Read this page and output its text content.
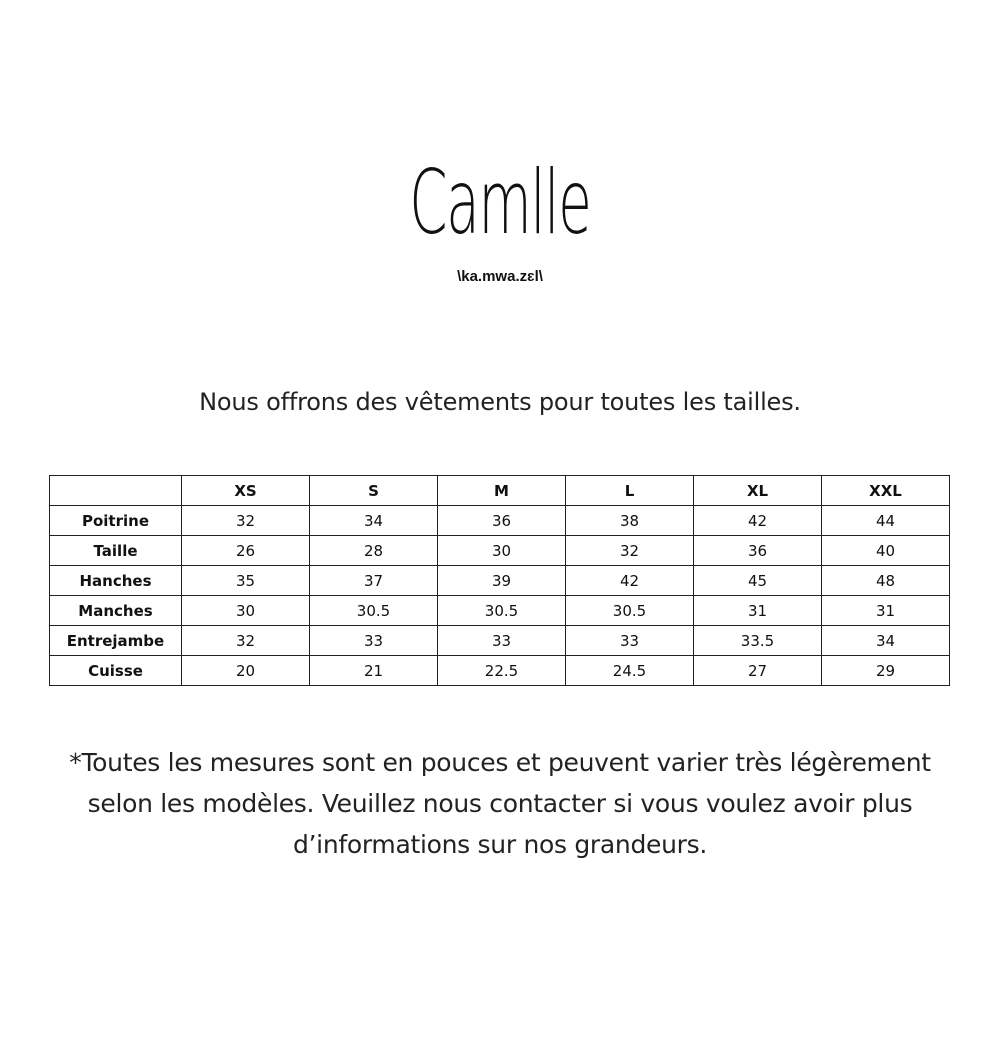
Camlle
\ka.mwa.zɛl\
Nous offrons des vêtements pour toutes les tailles.
	XS	S	M	L	XL	XXL
Poitrine	32	34	36	38	42	44
Taille	26	28	30	32	36	40
Hanches	35	37	39	42	45	48
Manches	30	30.5	30.5	30.5	31	31
Entrejambe	32	33	33	33	33.5	34
Cuisse	20	21	22.5	24.5	27	29
*Toutes les mesures sont en pouces et peuvent varier très légèrement
selon les modèles. Veuillez nous contacter si vous voulez avoir plus
d’informations sur nos grandeurs.
